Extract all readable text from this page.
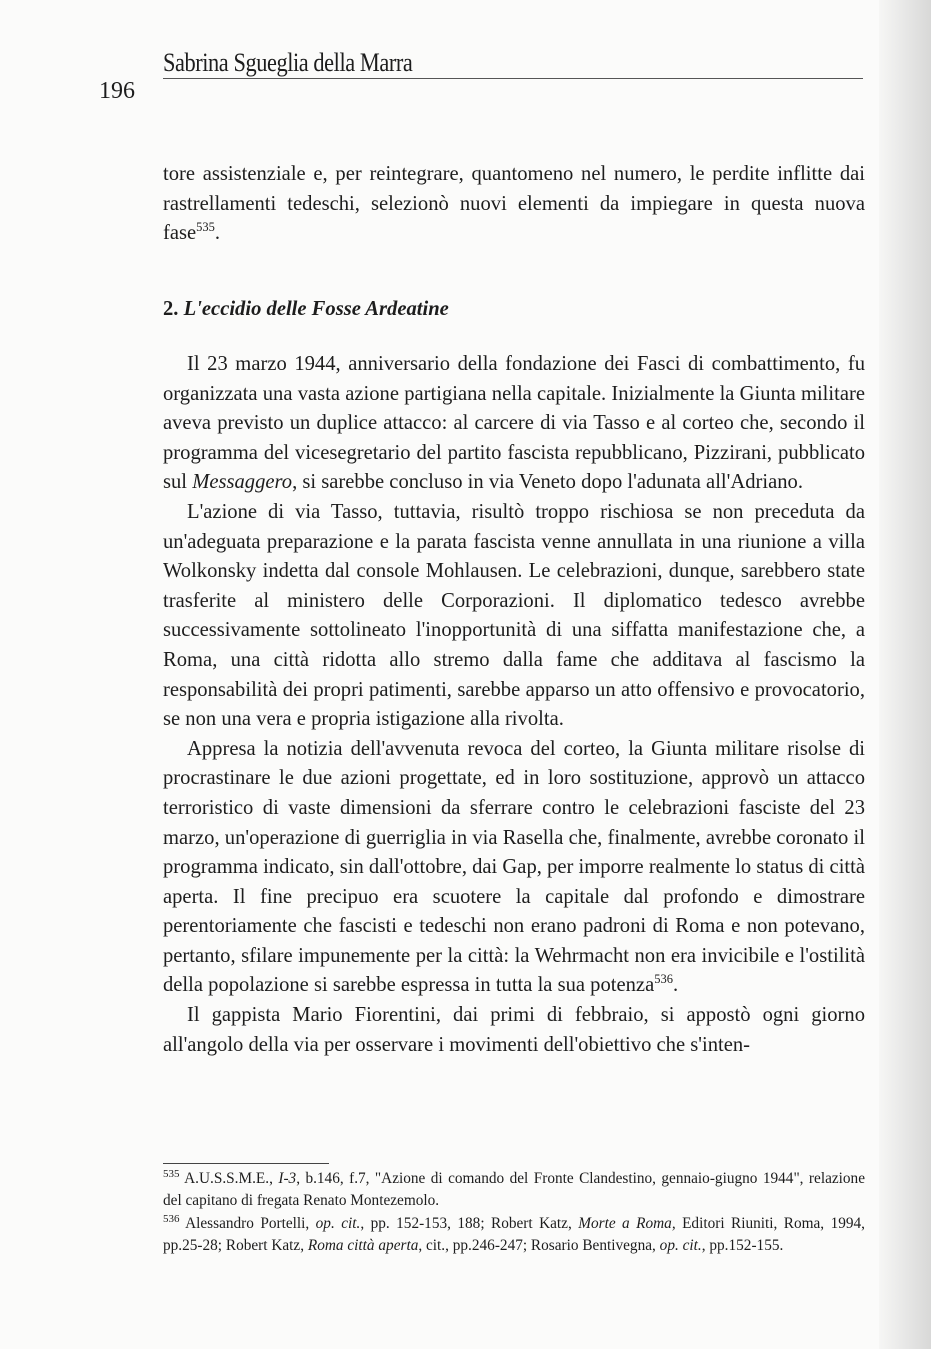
Sabrina Sgueglia della Marra
196

tore assistenziale e, per reintegrare, quantomeno nel numero, le perdite inflitte dai rastrellamenti tedeschi, selezionò nuovi elementi da impiegare in questa nuova fase$^{535}$.

2. L'eccidio delle Fosse Ardeatine

Il 23 marzo 1944, anniversario della fondazione dei Fasci di combattimento, fu organizzata una vasta azione partigiana nella capitale. Inizialmente la Giunta militare aveva previsto un duplice attacco: al carcere di via Tasso e al corteo che, secondo il programma del vicesegretario del partito fascista repubblicano, Pizzirani, pubblicato sul Messaggero, si sarebbe concluso in via Veneto dopo l'adunata all'Adriano.

L'azione di via Tasso, tuttavia, risultò troppo rischiosa se non preceduta da un'adeguata preparazione e la parata fascista venne annullata in una riunione a villa Wolkonsky indetta dal console Mohlausen. Le celebrazioni, dunque, sarebbero state trasferite al ministero delle Corporazioni. Il diplomatico tedesco avrebbe successivamente sottolineato l'inopportunità di una siffatta manifestazione che, a Roma, una città ridotta allo stremo dalla fame che additava al fascismo la responsabilità dei propri patimenti, sarebbe apparso un atto offensivo e provocatorio, se non una vera e propria istigazione alla rivolta.

Appresa la notizia dell'avvenuta revoca del corteo, la Giunta militare risolse di procrastinare le due azioni progettate, ed in loro sostituzione, approvò un attacco terroristico di vaste dimensioni da sferrare contro le celebrazioni fasciste del 23 marzo, un'operazione di guerriglia in via Rasella che, finalmente, avrebbe coronato il programma indicato, sin dall'ottobre, dai Gap, per imporre realmente lo status di città aperta. Il fine precipuo era scuotere la capitale dal profondo e dimostrare perentoriamente che fascisti e tedeschi non erano padroni di Roma e non potevano, pertanto, sfilare impunemente per la città: la Wehrmacht non era invicibile e l'ostilità della popolazione si sarebbe espressa in tutta la sua potenza$^{536}$.

Il gappista Mario Fiorentini, dai primi di febbraio, si appostò ogni giorno all'angolo della via per osservare i movimenti dell'obiettivo che s'inten-

$^{535}$ A.U.S.S.M.E., I-3, b.146, f.7, "Azione di comando del Fronte Clandestino, gennaio-giugno 1944", relazione del capitano di fregata Renato Montezemolo.

$^{536}$ Alessandro Portelli, op. cit., pp. 152-153, 188; Robert Katz, Morte a Roma, Editori Riuniti, Roma, 1994, pp.25-28; Robert Katz, Roma città aperta, cit., pp.246-247; Rosario Bentivegna, op. cit., pp.152-155.
